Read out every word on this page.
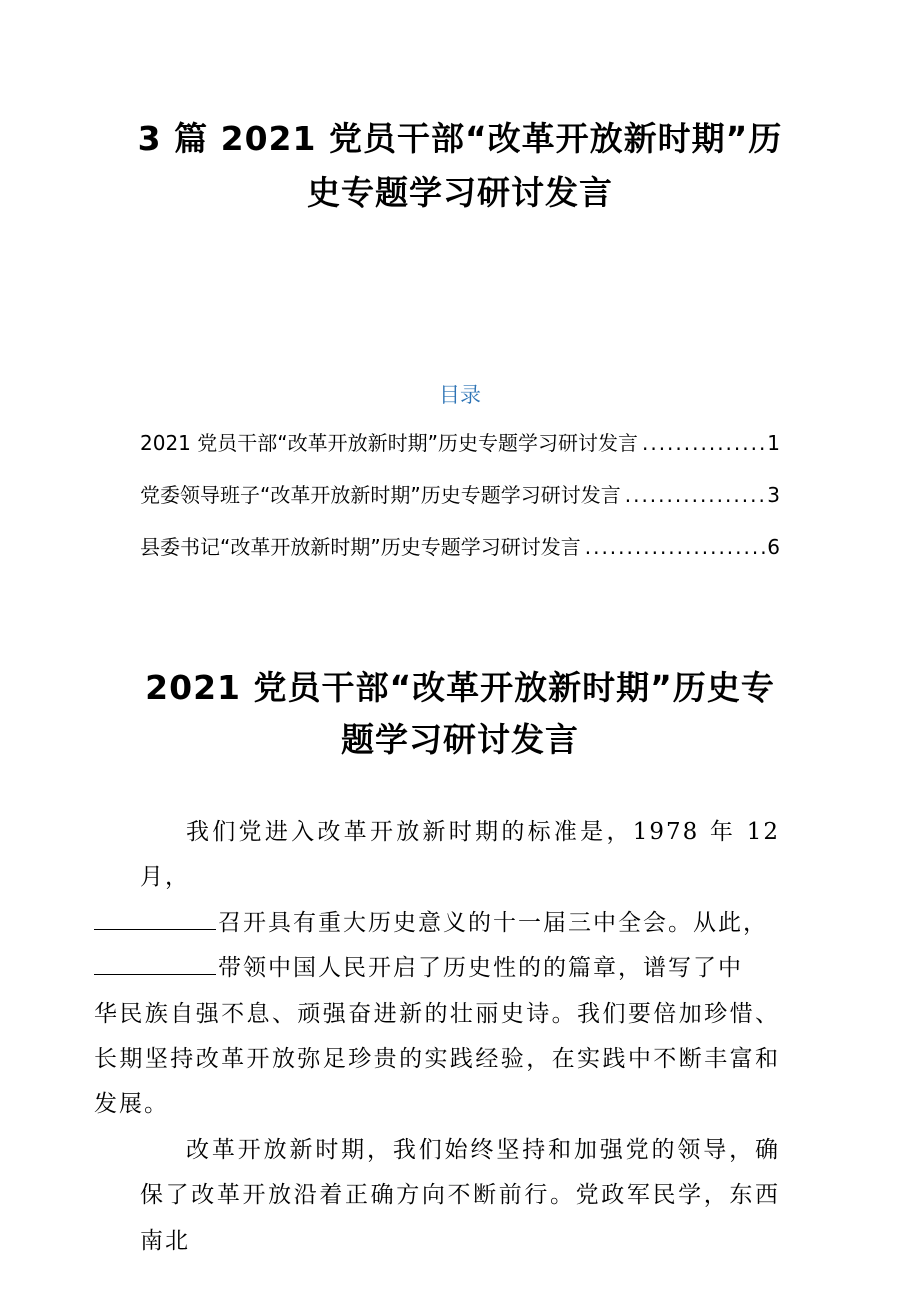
3 篇 2021 党员干部“改革开放新时期”历史专题学习研讨发言
目录
2021 党员干部“改革开放新时期”历史专题学习研讨发言 .....	1
党委领导班子“改革开放新时期”历史专题学习研讨发言 .....	3
县委书记“改革开放新时期”历史专题学习研讨发言 .....	6
2021 党员干部“改革开放新时期”历史专题学习研讨发言

我们党进入改革开放新时期的标准是，1978 年 12 月，
召开具有重大历史意义的十一届三中全会。从此，
带领中国人民开启了历史性的的篇章，谱写了中
华民族自强不息、顽强奋进新的壮丽史诗。我们要倍加珍惜、长期坚持改革开放弥足珍贵的实践经验，在实践中不断丰富和发展。

改革开放新时期，我们始终坚持和加强党的领导，确保了改革开放沿着正确方向不断前行。党政军民学，东西南北
